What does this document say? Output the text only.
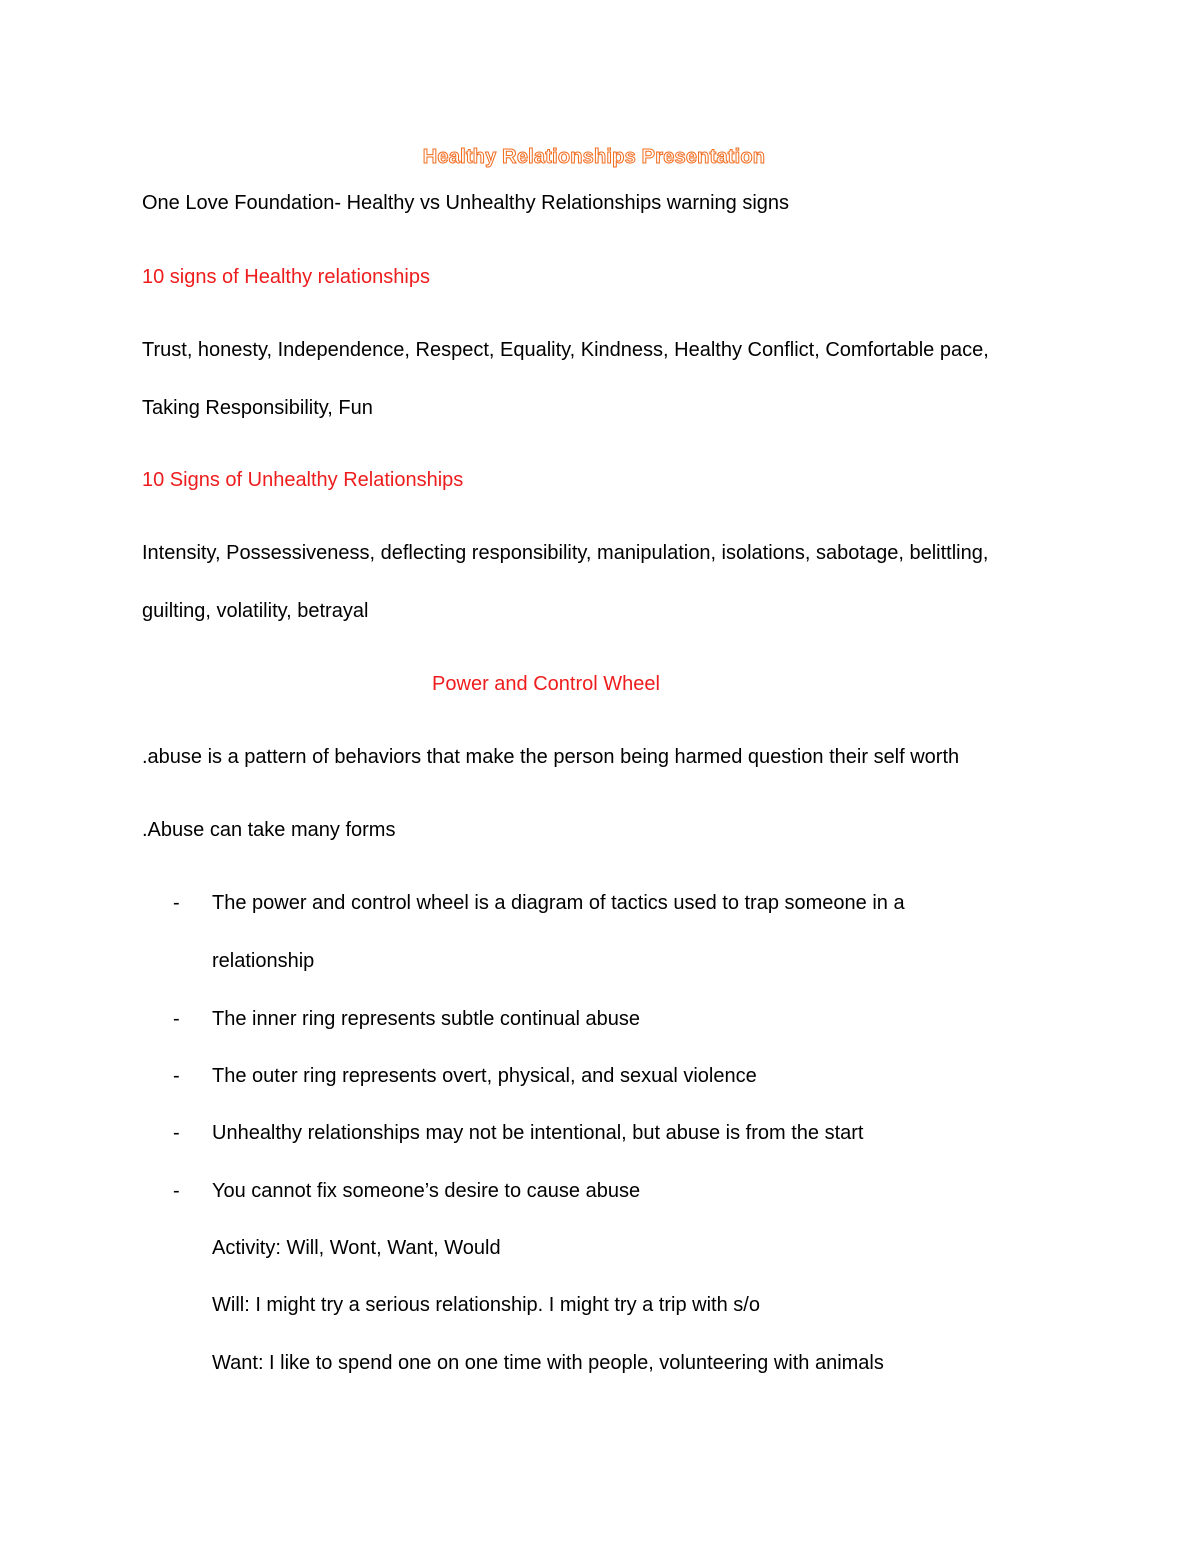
Healthy Relationships Presentation
One Love Foundation- Healthy vs Unhealthy Relationships warning signs
10 signs of Healthy relationships
Trust, honesty, Independence, Respect, Equality, Kindness, Healthy Conflict, Comfortable pace,
Taking Responsibility, Fun
10 Signs of Unhealthy Relationships
Intensity, Possessiveness, deflecting responsibility, manipulation, isolations, sabotage, belittling,
guilting, volatility, betrayal
Power and Control Wheel
.abuse is a pattern of behaviors that make the person being harmed question their self worth
.Abuse can take many forms
- The power and control wheel is a diagram of tactics used to trap someone in a
relationship
- The inner ring represents subtle continual abuse
- The outer ring represents overt, physical, and sexual violence
- Unhealthy relationships may not be intentional, but abuse is from the start
- You cannot fix someone’s desire to cause abuse
Activity: Will, Wont, Want, Would
Will: I might try a serious relationship. I might try a trip with s/o
Want: I like to spend one on one time with people, volunteering with animals
